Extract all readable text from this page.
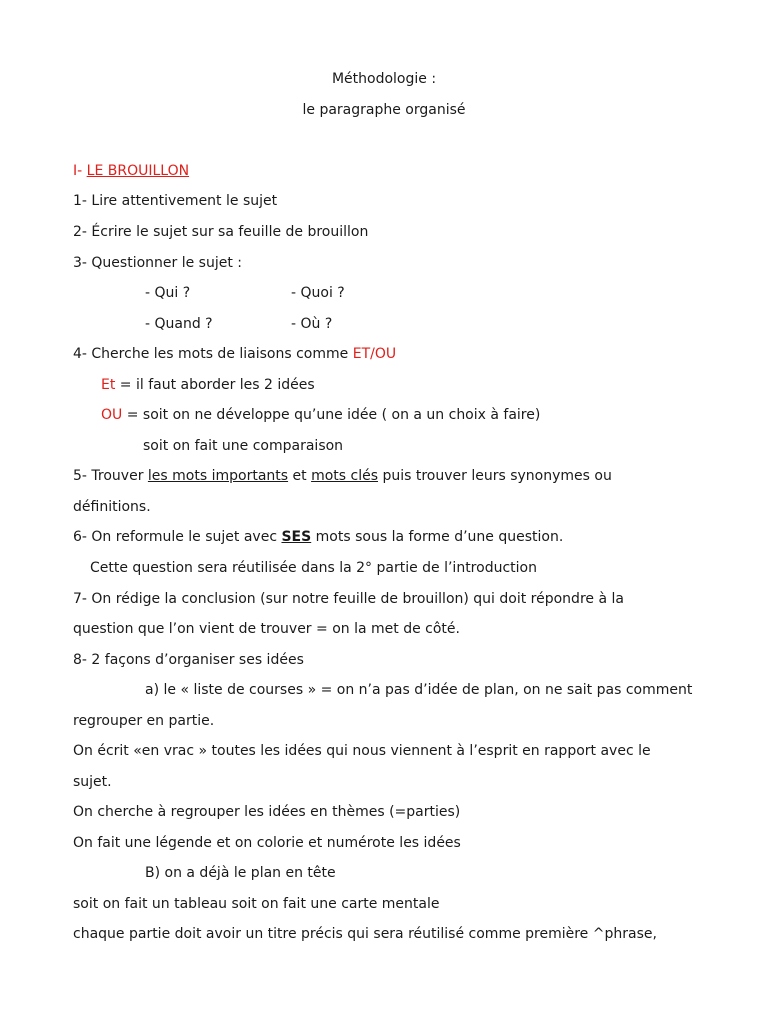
Méthodologie :
le paragraphe organisé
I- LE BROUILLON
1- Lire attentivement le sujet
2- Écrire le sujet sur sa feuille de brouillon
3- Questionner le sujet :
- Qui ?	- Quoi ?
- Quand ?	- Où ?
4- Cherche les mots de liaisons comme ET/OU
Et = il faut aborder les 2 idées
OU = soit on ne développe qu’une idée ( on a un choix à faire)
soit on fait une comparaison
5- Trouver les mots importants et mots clés puis trouver leurs synonymes ou
définitions.
6- On reformule le sujet avec SES mots sous la forme d’une question.
Cette question sera réutilisée dans la 2° partie de l’introduction
7- On rédige la conclusion (sur notre feuille de brouillon) qui doit répondre à la
question que l’on vient de trouver = on la met de côté.
8- 2 façons d’organiser ses idées
a) le « liste de courses » = on n’a pas d’idée de plan, on ne sait pas comment
regrouper en partie.
On écrit «en vrac » toutes les idées qui nous viennent à l’esprit en rapport avec le
sujet.
On cherche à regrouper les idées en thèmes (=parties)
On fait une légende et on colorie et numérote les idées
B) on a déjà le plan en tête
soit on fait un tableau soit on fait une carte mentale
chaque partie doit avoir un titre précis qui sera réutilisé comme première ^phrase,
